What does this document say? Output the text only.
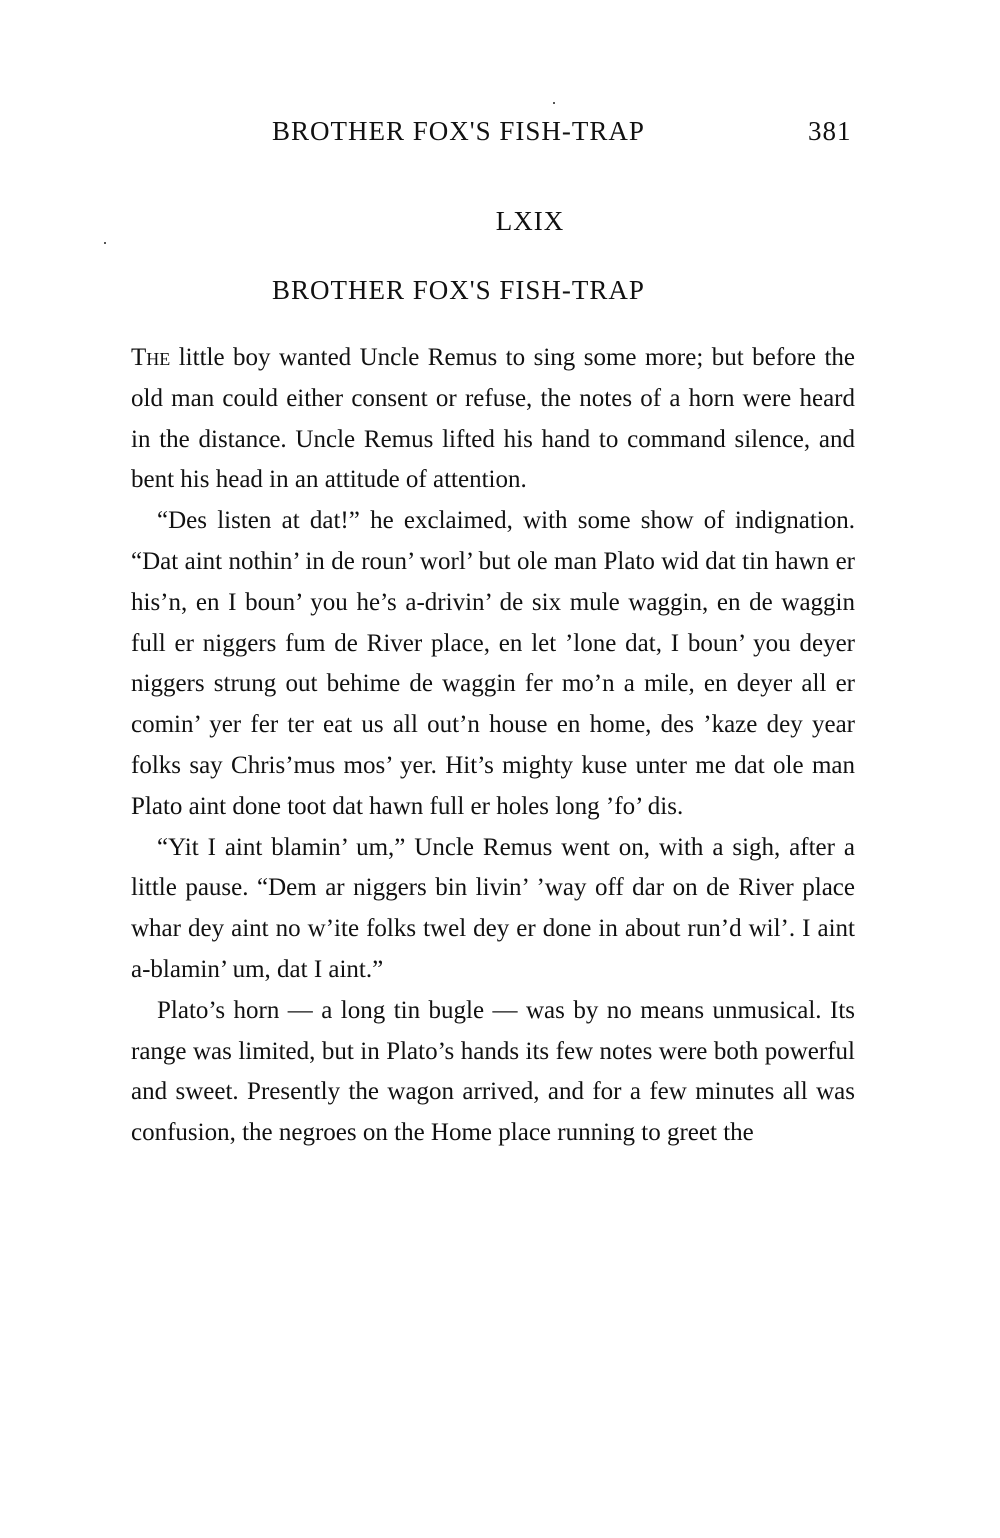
BROTHER FOX'S FISH-TRAP	381
LXIX
BROTHER FOX'S FISH-TRAP

The little boy wanted Uncle Remus to sing some more; but before the old man could either consent or refuse, the notes of a horn were heard in the distance. Uncle Remus lifted his hand to command silence, and bent his head in an attitude of attention.

“Des listen at dat!” he exclaimed, with some show of indignation. “Dat aint nothin’ in de roun’ worl’ but ole man Plato wid dat tin hawn er his’n, en I boun’ you he’s a-drivin’ de six mule waggin, en de waggin full er niggers fum de River place, en let ’lone dat, I boun’ you deyer niggers strung out behime de waggin fer mo’n a mile, en deyer all er comin’ yer fer ter eat us all out’n house en home, des ’kaze dey year folks say Chris’mus mos’ yer. Hit’s mighty kuse unter me dat ole man Plato aint done toot dat hawn full er holes long ’fo’ dis.

“Yit I aint blamin’ um,” Uncle Remus went on, with a sigh, after a little pause. “Dem ar niggers bin livin’ ’way off dar on de River place whar dey aint no w’ite folks twel dey er done in about run’d wil’. I aint a-blamin’ um, dat I aint.”

Plato’s horn — a long tin bugle — was by no means unmusical. Its range was limited, but in Plato’s hands its few notes were both powerful and sweet. Presently the wagon arrived, and for a few minutes all was confusion, the negroes on the Home place running to greet the
